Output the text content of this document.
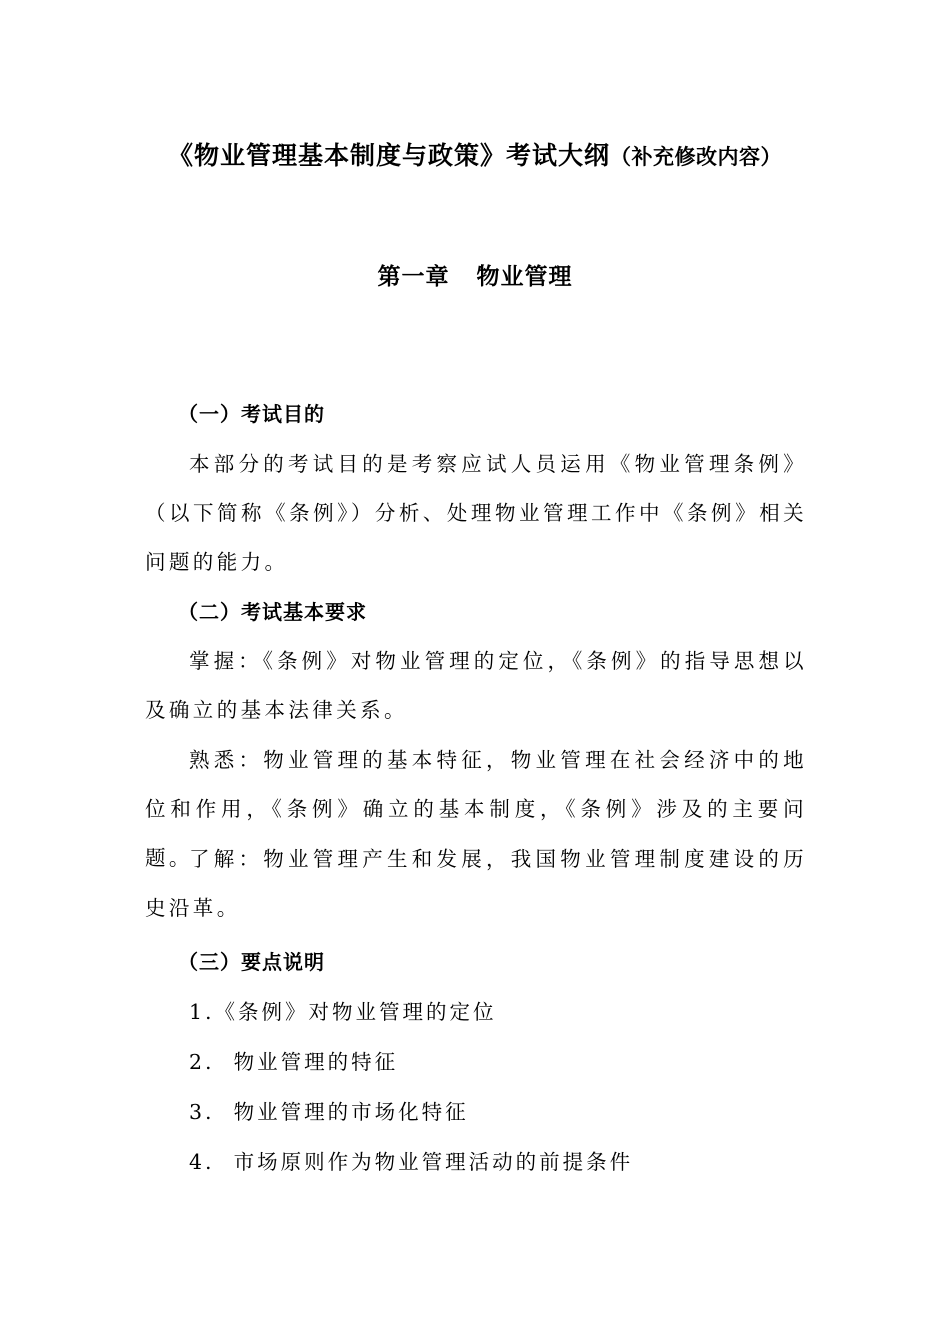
《物业管理基本制度与政策》考试大纲（补充修改内容）
第一章   物业管理
（一）考试目的

本部分的考试目的是考察应试人员运用《物业管理条例》（以下简称《条例》）分析、处理物业管理工作中《条例》相关问题的能力。

（二）考试基本要求

掌握：《条例》对物业管理的定位，《条例》的指导思想以及确立的基本法律关系。

熟悉：物业管理的基本特征，物业管理在社会经济中的地位和作用，《条例》确立的基本制度，《条例》涉及的主要问题。

了解：物业管理产生和发展，我国物业管理制度建设的历史沿革。

（三）要点说明
1.《条例》对物业管理的定位
2.  物业管理的特征
3.  物业管理的市场化特征
4.  市场原则作为物业管理活动的前提条件
